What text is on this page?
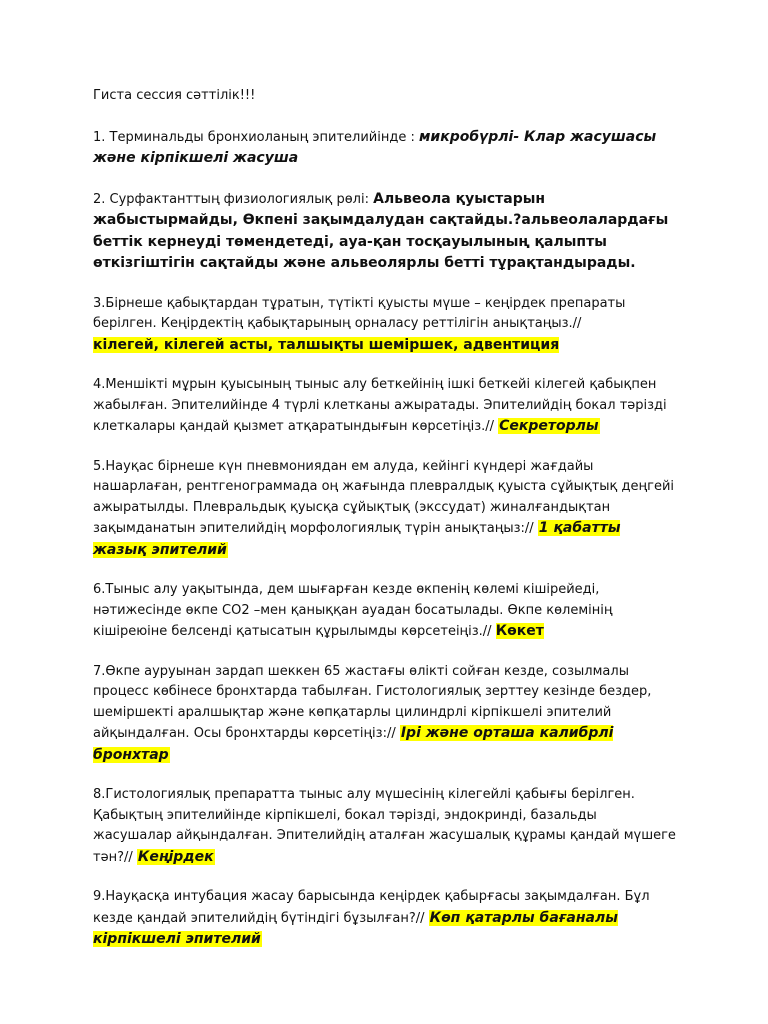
Гиста сессия сәттілік!!!

1. Терминальды бронхиоланың эпителийінде : микробүрлі- Клар жасушасы және кірпікшелі жасуша

2. Сурфактанттың физиологиялық рөлі: Альвеола қуыстарын жабыстырмайды, Өкпені зақымдалудан сақтайды.?альвеолалардағы беттік кернеуді төмендетеді, ауа-қан тосқауылының қалыпты өткізгіштігін сақтайды және альвеолярлы бетті тұрақтандырады.

3.Бірнеше қабықтардан тұратын, түтікті қуысты мүше – кеңірдек препараты берілген. Кеңірдектің қабықтарының орналасу реттілігін анықтаңыз.//
кілегей, кілегей асты, талшықты шеміршек, адвентиция

4.Меншікті мұрын қуысының тыныс алу беткейінің ішкі беткейі кілегей қабықпен жабылған. Эпителийінде 4 түрлі клетканы ажыратады. Эпителийдің бокал тәрізді клеткалары қандай қызмет атқаратындығын көрсетіңіз.// Секреторлы

5.Науқас бірнеше күн пневмониядан ем алуда, кейінгі күндері жағдайы нашарлаған, рентгенограммада оң жағында плевралдық қуыста сұйықтық деңгейі ажыратылды. Плевральдық қуысқа сұйықтық (экссудат) жиналғандықтан зақымданатын эпителийдің морфологиялық түрін анықтаңыз:// 1 қабатты жазық эпителий

6.Тыныс алу уақытында, дем шығарған кезде өкпенің көлемі кішірейеді, нәтижесінде өкпе СО2 –мен қаныққан ауадан босатылады. Өкпе көлемінің кішіреюіне белсенді қатысатын құрылымды көрсетеіңіз.// Көкет

7.Өкпе ауруынан зардап шеккен 65 жастағы өлікті сойған кезде, созылмалы процесс көбінесе бронхтарда табылған. Гистологиялық зерттеу кезінде бездер, шеміршекті аралшықтар және көпқатарлы цилиндрлі кірпікшелі эпителий айқындалған. Осы бронхтарды көрсетіңіз:// Ірі және орташа калибрлі бронхтар

8.Гистологиялық препаратта тыныс алу мүшесінің кілегейлі қабығы берілген. Қабықтың эпителийінде кірпікшелі, бокал тәрізді, эндокринді, базальды жасушалар айқындалған. Эпителийдің аталған жасушалық құрамы қандай мүшеге тән?// Кеңірдек

9.Науқасқа интубация жасау барысында кеңірдек қабырғасы зақымдалған. Бұл кезде қандай эпителийдің бүтіндігі бұзылған?// Көп қатарлы бағаналы кірпікшелі эпителий
